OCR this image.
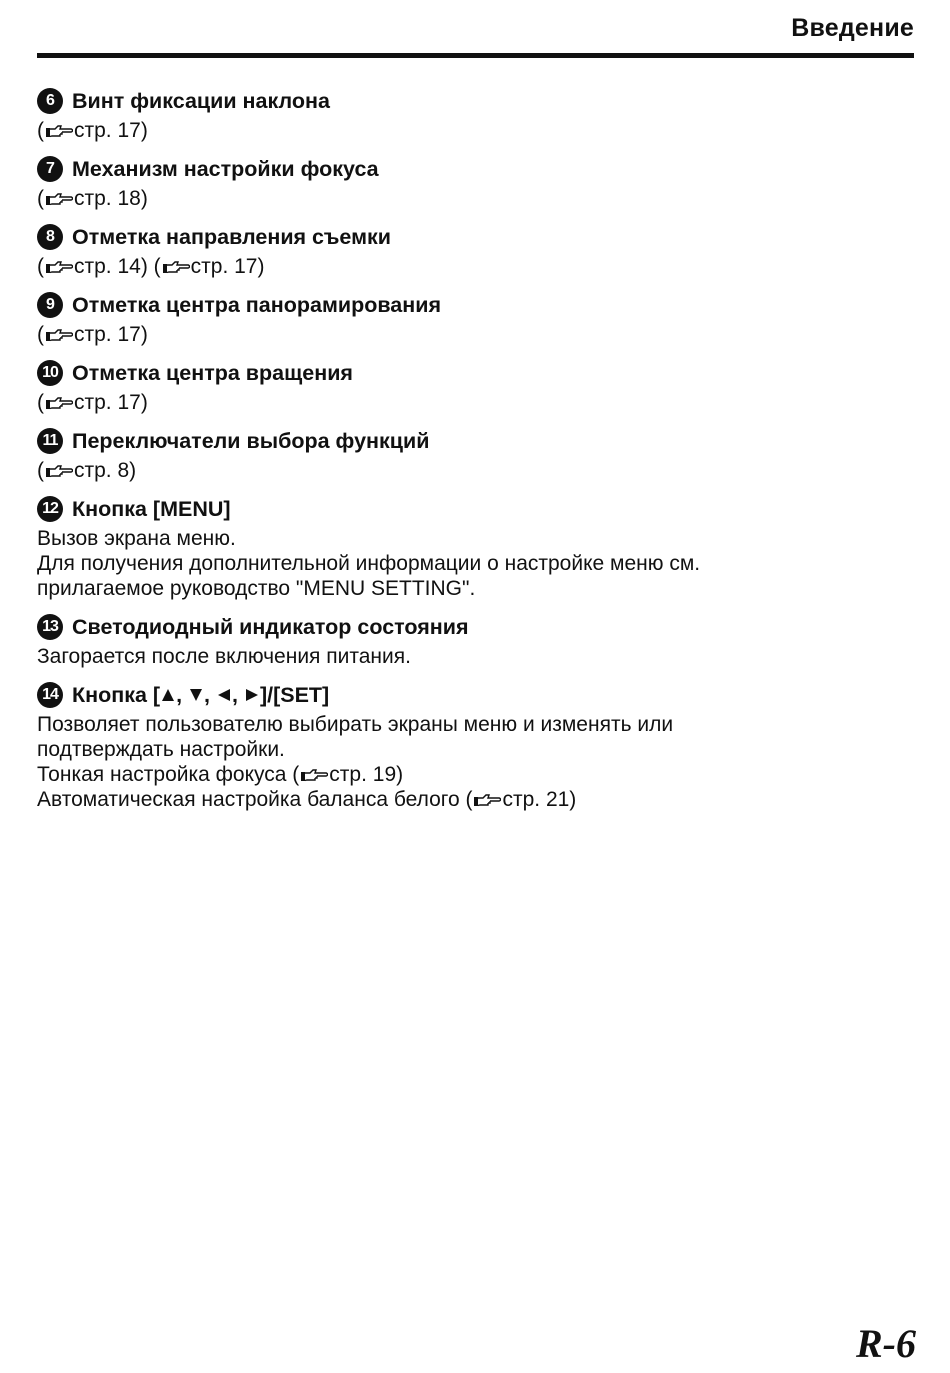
Введение
6 Винт фиксации наклона
( стр. 17)
7 Механизм настройки фокуса
( стр. 18)
8 Отметка направления съемки
( стр. 14) ( стр. 17)
9 Отметка центра панорамирования
( стр. 17)
10 Отметка центра вращения
( стр. 17)
11 Переключатели выбора функций
( стр. 8)
12 Кнопка [MENU]
Вызов экрана меню.
Для получения дополнительной информации о настройке меню см.
прилагаемое руководство "MENU SETTING".
13 Светодиодный индикатор состояния
Загорается после включения питания.
14 Кнопка [ , , , ]/[SET]
Позволяет пользователю выбирать экраны меню и изменять или
подтверждать настройки.
Тонкая настройка фокуса ( стр. 19)
Автоматическая настройка баланса белого ( стр. 21)
R-6
